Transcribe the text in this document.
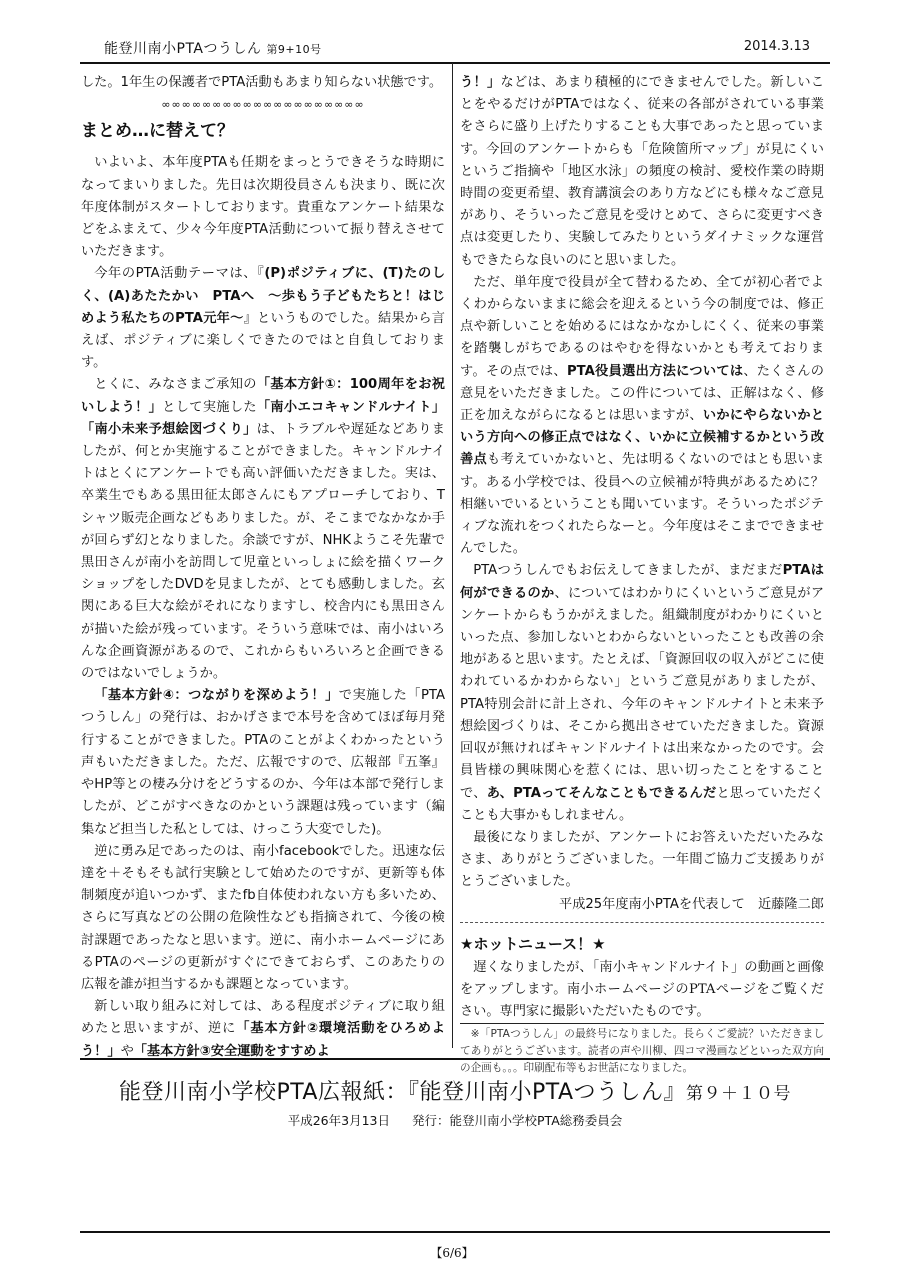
能登川南小PTAつうしん 第9+10号	2014.3.13

した。1年生の保護者でPTA活動もあまり知らない状態です。

∞∞∞∞∞∞∞∞∞∞∞∞∞∞∞∞∞∞∞∞
まとめ…に替えて？

いよいよ、本年度PTAも任期をまっとうできそうな時期になってまいりました。先日は次期役員さんも決まり、既に次年度体制がスタートしております。貴重なアンケート結果などをふまえて、少々今年度PTA活動について振り替えさせていただきます。

今年のPTA活動テーマは、『(P)ポジティブに、(T)たのしく、(A)あたたかい　PTAへ　～歩もう子どもたちと！はじめよう私たちのPTA元年～』というものでした。結果から言えば、ポジティブに楽しくできたのではと自負しております。

とくに、みなさまご承知の「基本方針①：100周年をお祝いしよう！」として実施した「南小エコキャンドルナイト」「南小未来予想絵図づくり」は、トラブルや遅延などありましたが、何とか実施することができました。キャンドルナイトはとくにアンケートでも高い評価いただきました。実は、卒業生でもある黒田征太郎さんにもアプローチしており、Tシャツ販売企画などもありました。が、そこまでなかなか手が回らず幻となりました。余談ですが、NHKようこそ先輩で黒田さんが南小を訪問して児童といっしょに絵を描くワークショップをしたDVDを見ましたが、とても感動しました。玄関にある巨大な絵がそれになりますし、校舎内にも黒田さんが描いた絵が残っています。そういう意味では、南小はいろんな企画資源があるので、これからもいろいろと企画できるのではないでしょうか。

「基本方針④：つながりを深めよう！」で実施した「PTAつうしん」の発行は、おかげさまで本号を含めてほぼ毎月発行することができました。PTAのことがよくわかったという声もいただきました。ただ、広報ですので、広報部『五峯』やHP等との棲み分けをどうするのか、今年は本部で発行しましたが、どこがすべきなのかという課題は残っています（編集など担当した私としては、けっこう大変でした)。

逆に勇み足であったのは、南小facebookでした。迅速な伝達を＋そもそも試行実験として始めたのですが、更新等も体制頻度が追いつかず、またfb自体使われない方も多いため、さらに写真などの公開の危険性なども指摘されて、今後の検討課題であったなと思います。逆に、南小ホームページにあるPTAのページの更新がすぐにできておらず、このあたりの広報を誰が担当するかも課題となっています。

新しい取り組みに対しては、ある程度ポジティブに取り組めたと思いますが、逆に「基本方針②環境活動をひろめよう！」や「基本方針③安全運動をすすめよ

う！」などは、あまり積極的にできませんでした。新しいことをやるだけがPTAではなく、従来の各部がされている事業をさらに盛り上げたりすることも大事であったと思っています。今回のアンケートからも「危険箇所マップ」が見にくいというご指摘や「地区水泳」の頻度の検討、愛校作業の時期時間の変更希望、教育講演会のあり方などにも様々なご意見があり、そういったご意見を受けとめて、さらに変更すべき点は変更したり、実験してみたりというダイナミックな運営もできたらな良いのにと思いました。

ただ、単年度で役員が全て替わるため、全てが初心者でよくわからないままに総会を迎えるという今の制度では、修正点や新しいことを始めるにはなかなかしにくく、従来の事業を踏襲しがちであるのはやむを得ないかとも考えております。その点では、PTA役員選出方法については、たくさんの意見をいただきました。この件については、正解はなく、修正を加えながらになるとは思いますが、いかにやらないかという方向への修正点ではなく、いかに立候補するかという改善点も考えていかないと、先は明るくないのではとも思います。ある小学校では、役員への立候補が特典があるために？相継いでいるということも聞いています。そういったポジティブな流れをつくれたらなーと。今年度はそこまでできませんでした。

PTAつうしんでもお伝えしてきましたが、まだまだPTAは何ができるのか、についてはわかりにくいというご意見がアンケートからもうかがえました。組織制度がわかりにくいといった点、参加しないとわからないといったことも改善の余地があると思います。たとえば、「資源回収の収入がどこに使われているかわからない」というご意見がありましたが、PTA特別会計に計上され、今年のキャンドルナイトと未来予想絵図づくりは、そこから拠出させていただきました。資源回収が無ければキャンドルナイトは出来なかったのです。会員皆様の興味関心を惹くには、思い切ったことをすることで、あ、PTAってそんなこともできるんだと思っていただくことも大事かもしれません。

最後になりましたが、アンケートにお答えいただいたみなさま、ありがとうございました。一年間ご協力ご支援ありがとうございました。

平成25年度南小PTAを代表して　近藤隆二郎

★ホットニュース！★

遅くなりましたが、「南小キャンドルナイト」の動画と画像をアップします。南小ホームページのPTAページをご覧ください。専門家に撮影いただいたものです。

※「PTAつうしん」の最終号になりました。長らくご愛読？いただきましてありがとうございます。読者の声や川柳、四コマ漫画などといった双方向の企画も。。。印刷配布等もお世話になりました。

能登川南小学校PTA広報紙：『能登川南小PTAつうしん』第９＋１０号
平成26年3月13日 発行：能登川南小学校PTA総務委員会
【6/6】
